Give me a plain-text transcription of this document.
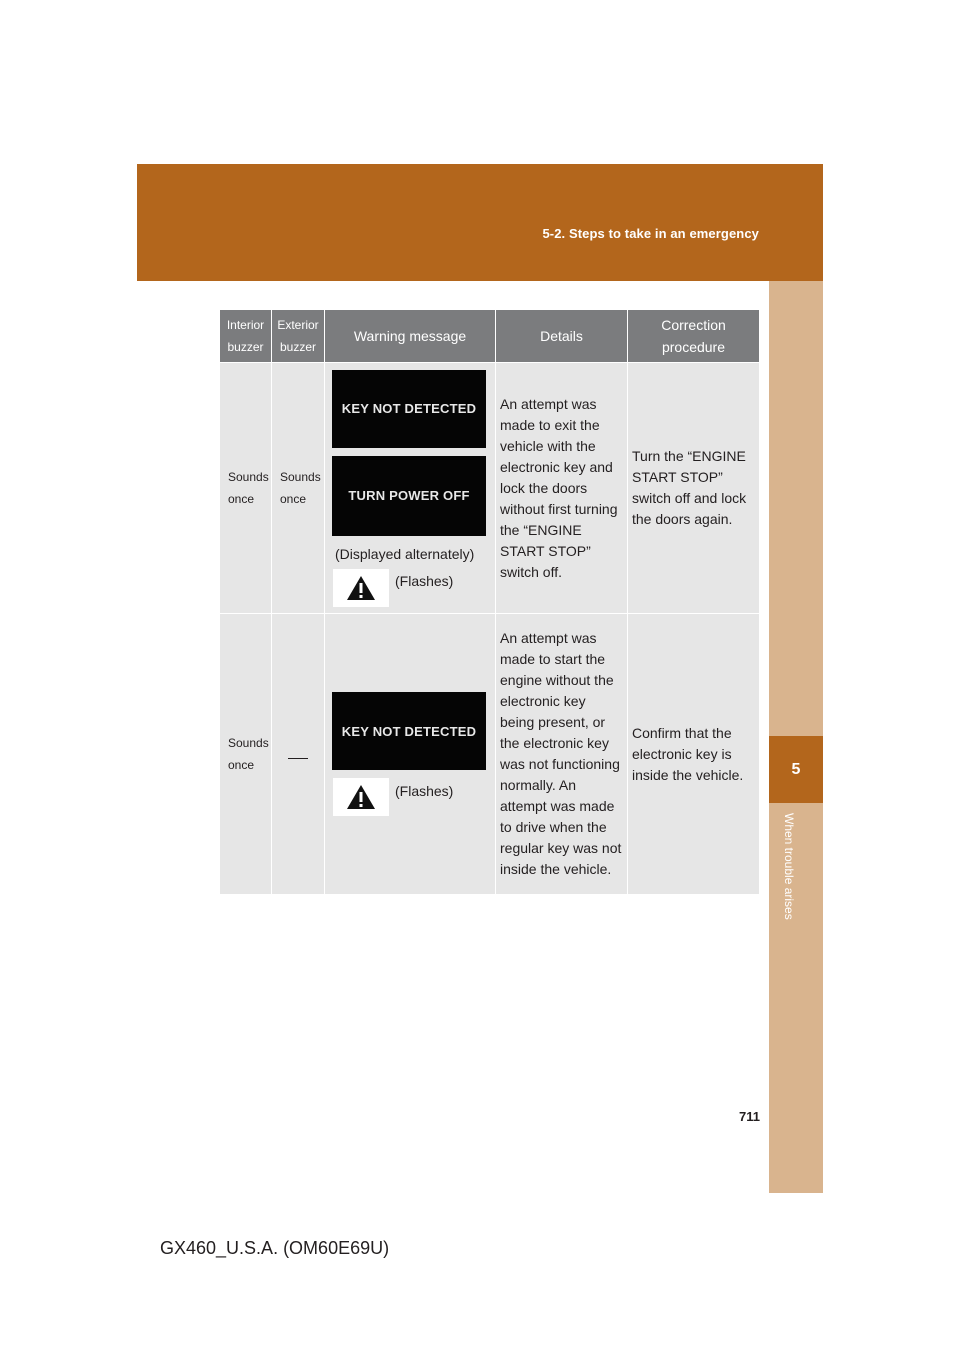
5-2. Steps to take in an emergency
5
When trouble arises
Interior buzzer	Exterior buzzer	Warning message	Details	Correction procedure
Sounds once	Sounds once	KEY NOT DETECTED
TURN POWER OFF
(Displayed alternately)
(Flashes)	An attempt was made to exit the vehicle with the electronic key and lock the doors without first turning the “ENGINE START STOP” switch off.	Turn the “ENGINE START STOP” switch off and lock the doors again.
Sounds once		KEY NOT DETECTED
(Flashes)	An attempt was made to start the engine without the electronic key being present, or the electronic key was not functioning normally. An attempt was made to drive when the regular key was not inside the vehicle.	Confirm that the electronic key is inside the vehicle.
711
GX460_U.S.A. (OM60E69U)
